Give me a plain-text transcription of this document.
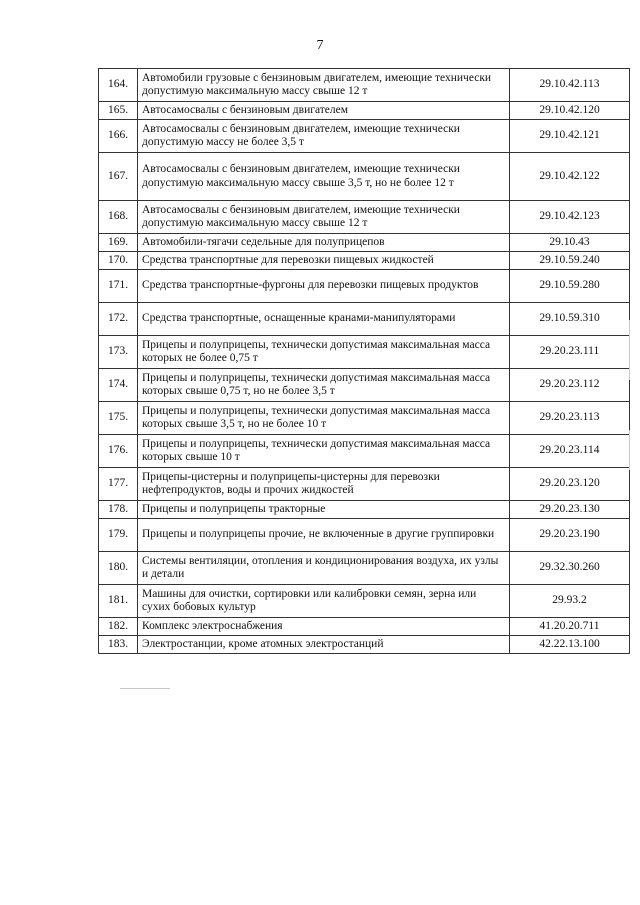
7
164.	Автомобили грузовые с бензиновым двигателем, имеющие технически допустимую максимальную массу свыше 12 т	29.10.42.113
165.	Автосамосвалы с бензиновым двигателем	29.10.42.120
166.	Автосамосвалы с бензиновым двигателем, имеющие технически допустимую массу не более 3,5 т	29.10.42.121
167.	Автосамосвалы с бензиновым двигателем, имеющие технически допустимую максимальную массу свыше 3,5 т, но не более 12 т	29.10.42.122
168.	Автосамосвалы с бензиновым двигателем, имеющие технически допустимую максимальную массу свыше 12 т	29.10.42.123
169.	Автомобили-тягачи седельные для полуприцепов	29.10.43
170.	Средства транспортные для перевозки пищевых жидкостей	29.10.59.240
171.	Средства транспортные-фургоны для перевозки пищевых продуктов	29.10.59.280
172.	Средства транспортные, оснащенные кранами-манипуляторами	29.10.59.310
173.	Прицепы и полуприцепы, технически допустимая максимальная масса которых не более 0,75 т	29.20.23.111
174.	Прицепы и полуприцепы, технически допустимая максимальная масса которых свыше 0,75 т, но не более 3,5 т	29.20.23.112
175.	Прицепы и полуприцепы, технически допустимая максимальная масса которых свыше 3,5 т, но не более 10 т	29.20.23.113
176.	Прицепы и полуприцепы, технически допустимая максимальная масса которых свыше 10 т	29.20.23.114
177.	Прицепы-цистерны и полуприцепы-цистерны для перевозки нефтепродуктов, воды и прочих жидкостей	29.20.23.120
178.	Прицепы и полуприцепы тракторные	29.20.23.130
179.	Прицепы и полуприцепы прочие, не включенные в другие группировки	29.20.23.190
180.	Системы вентиляции, отопления и кондиционирования воздуха, их узлы и детали	29.32.30.260
181.	Машины для очистки, сортировки или калибровки семян, зерна или сухих бобовых культур	29.93.2
182.	Комплекс электроснабжения	41.20.20.711
183.	Электростанции, кроме атомных электростанций	42.22.13.100
